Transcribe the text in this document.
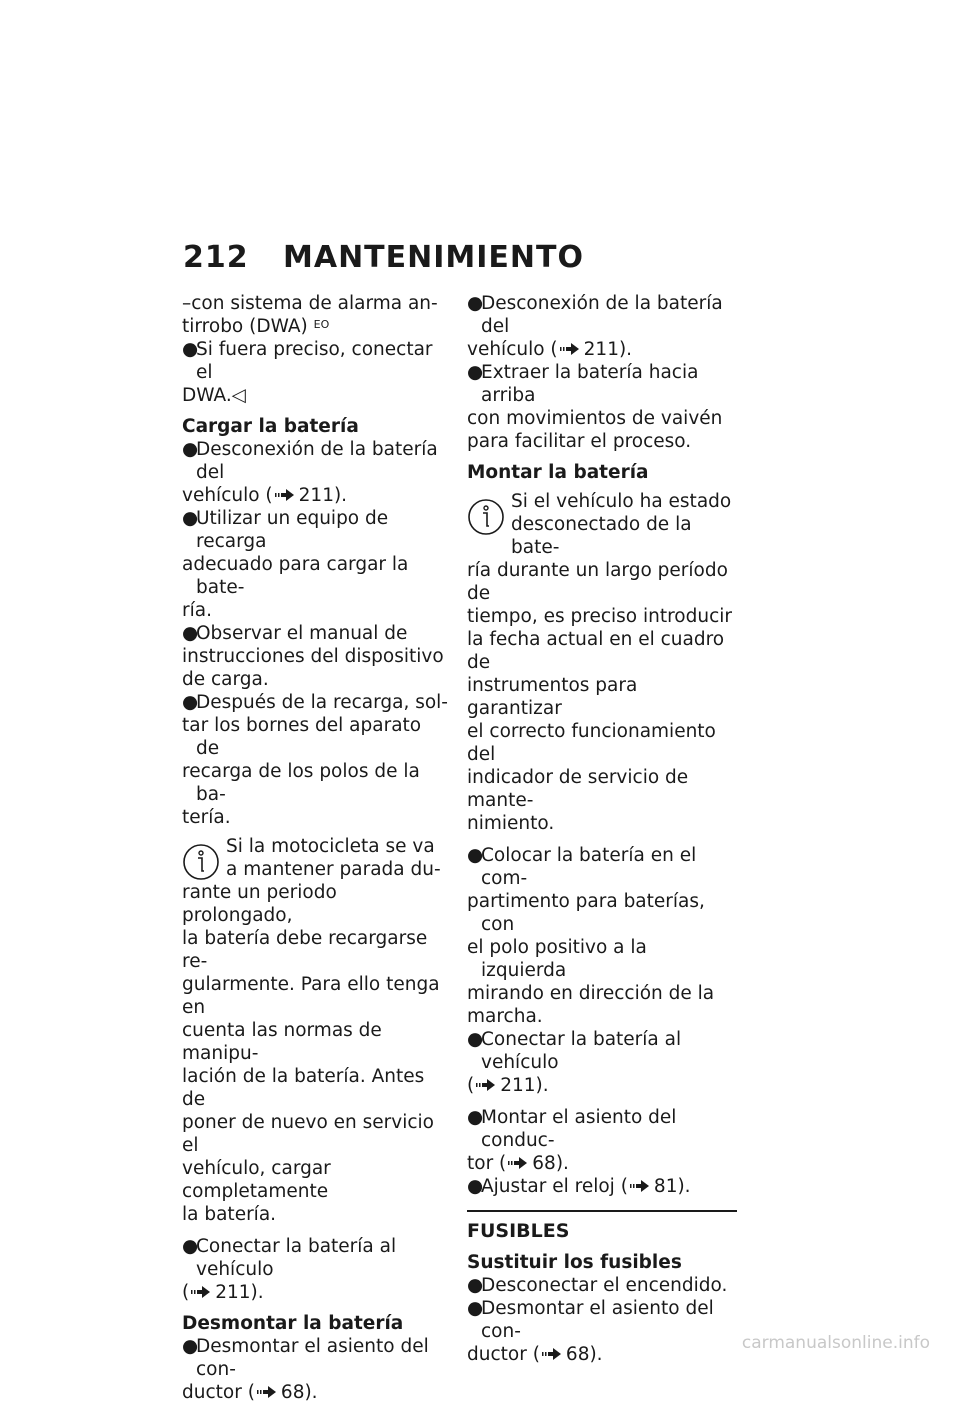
212 MANTENIMIENTO
–con sistema de alarma an-
tirrobo (DWA) $^{EO}$
●Si fuera preciso, conectar el
DWA.◁
Cargar la batería
●Desconexión de la batería del
vehículo ( 211).
●Utilizar un equipo de recarga
adecuado para cargar la bate-
ría.
●Observar el manual de
instrucciones del dispositivo
de carga.
●Después de la recarga, sol-
tar los bornes del aparato de
recarga de los polos de la ba-
tería.
Si la motocicleta se va
a mantener parada du-
rante un periodo prolongado,
la batería debe recargarse re-
gularmente. Para ello tenga en
cuenta las normas de manipu-
lación de la batería. Antes de
poner de nuevo en servicio el
vehículo, cargar completamente
la batería.
●Conectar la batería al vehículo
( 211).
Desmontar la batería
●Desmontar el asiento del con-
ductor ( 68).
●Desconexión de la batería del
vehículo ( 211).
●Extraer la batería hacia arriba
con movimientos de vaivén
para facilitar el proceso.
Montar la batería
Si el vehículo ha estado
desconectado de la bate-
ría durante un largo período de
tiempo, es preciso introducir
la fecha actual en el cuadro de
instrumentos para garantizar
el correcto funcionamiento del
indicador de servicio de mante-
nimiento.
●Colocar la batería en el com-
partimento para baterías, con
el polo positivo a la izquierda
mirando en dirección de la
marcha.
●Conectar la batería al vehículo
( 211).
●Montar el asiento del conduc-
tor ( 68).
●Ajustar el reloj ( 81).
FUSIBLES
Sustituir los fusibles
●Desconectar el encendido.
●Desmontar el asiento del con-
ductor ( 68).
carmanualsonline.info
